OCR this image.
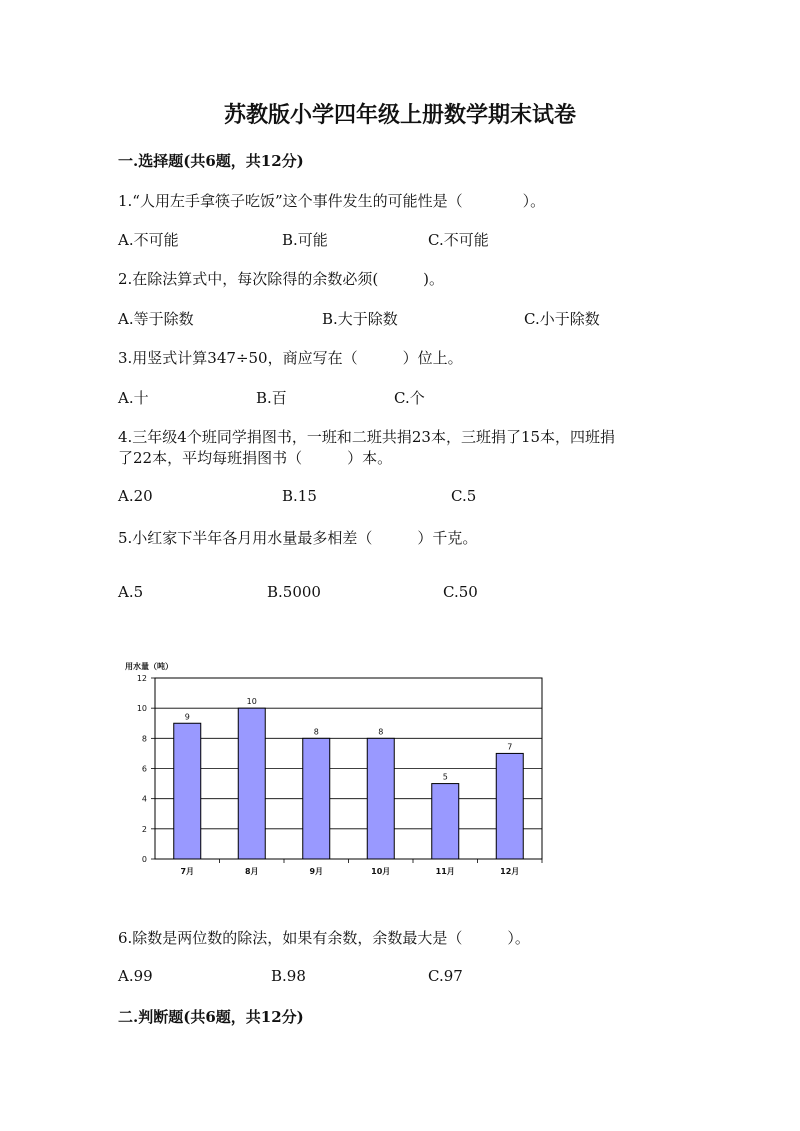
苏教版小学四年级上册数学期末试卷
一.选择题(共6题，共12分)
1.“人用左手拿筷子吃饭”这个事件发生的可能性是（　　　　）。
A.不可能	B.可能	C.不可能
2.在除法算式中，每次除得的余数必须(　　　)。
A.等于除数	B.大于除数	C.小于除数
3.用竖式计算347÷50，商应写在（　　　）位上。
A.十	B.百	C.个
4.三年级4个班同学捐图书，一班和二班共捐23本，三班捐了15本，四班捐
了22本，平均每班捐图书（　　　）本。
A.20	B.15	C.5
5.小红家下半年各月用水量最多相差（　　　）千克。
A.5	B.5000	C.50
用水量（吨）
0
2
4
6
8
10
12
9
7月
10
8月
8
9月
8
10月
5
11月
7
12月
6.除数是两位数的除法，如果有余数，余数最大是（　　　）。
A.99	B.98	C.97
二.判断题(共6题，共12分)
